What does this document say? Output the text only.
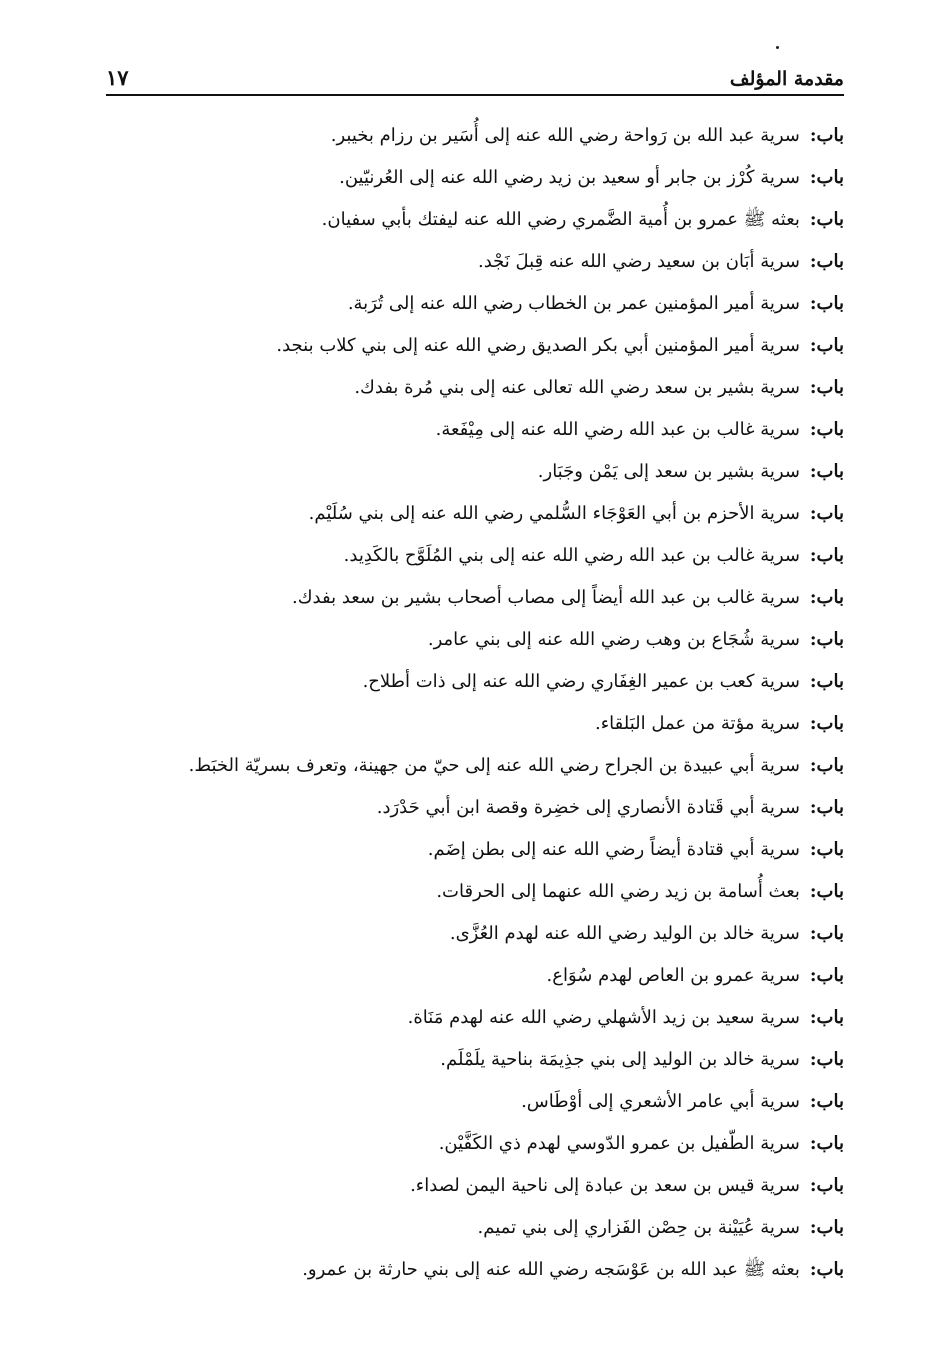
مقدمة المؤلف
١٧
باب:
سرية عبد الله بن رَواحة رضي الله عنه إلى أُسَير بن رزام بخيبر.
باب:
سرية كُرْز بن جابر أو سعيد بن زيد رضي الله عنه إلى العُرنيّين.
باب:
بعثه ﷺ عمرو بن أُمية الضَّمري رضي الله عنه ليفتك بأبي سفيان.
باب:
سرية أبَان بن سعيد رضي الله عنه قِبلَ نَجْد.
باب:
سرية أمير المؤمنين عمر بن الخطاب رضي الله عنه إلى تُرَبة.
باب:
سرية أمير المؤمنين أبي بكر الصديق رضي الله عنه إلى بني كلاب بنجد.
باب:
سرية بشير بن سعد رضي الله تعالى عنه إلى بني مُرة بفدك.
باب:
سرية غالب بن عبد الله رضي الله عنه إلى مِيْفَعة.
باب:
سرية بشير بن سعد إلى يَمْن وجَبَار.
باب:
سرية الأحزم بن أبي العَوْجَاء السُّلمي رضي الله عنه إلى بني سُلَيْم.
باب:
سرية غالب بن عبد الله رضي الله عنه إلى بني المُلَوَّح بالكَدِيد.
باب:
سرية غالب بن عبد الله أيضاً إلى مصاب أصحاب بشير بن سعد بفدك.
باب:
سرية شُجَاع بن وهب رضي الله عنه إلى بني عامر.
باب:
سرية كعب بن عمير الغِفَاري رضي الله عنه إلى ذات أطلاح.
باب:
سرية مؤتة من عمل البَلقاء.
باب:
سرية أبي عبيدة بن الجراح رضي الله عنه إلى حيّ من جهينة، وتعرف بسريّة الخبَط.
باب:
سرية أبي قَتادة الأنصاري إلى خضِرة وقصة ابن أبي حَدْرَد.
باب:
سرية أبي قتادة أيضاً رضي الله عنه إلى بطن إضَم.
باب:
بعث أُسامة بن زيد رضي الله عنهما إلى الحرقات.
باب:
سرية خالد بن الوليد رضي الله عنه لهدم العُزَّى.
باب:
سرية عمرو بن العاص لهدم سُوَاع.
باب:
سرية سعيد بن زيد الأشهلي رضي الله عنه لهدم مَنَاة.
باب:
سرية خالد بن الوليد إلى بني جذِيمَة بناحية يلَمْلَم.
باب:
سرية أبي عامر الأشعري إلى أوْطَاس.
باب:
سرية الطّفيل بن عمرو الدّوسي لهدم ذي الكَفَّيْن.
باب:
سرية قيس بن سعد بن عبادة إلى ناحية اليمن لصداء.
باب:
سرية عُيَيْنة بن حِصْن الفَزاري إلى بني تميم.
باب:
بعثه ﷺ عبد الله بن عَوْسَجه رضي الله عنه إلى بني حارثة بن عمرو.
